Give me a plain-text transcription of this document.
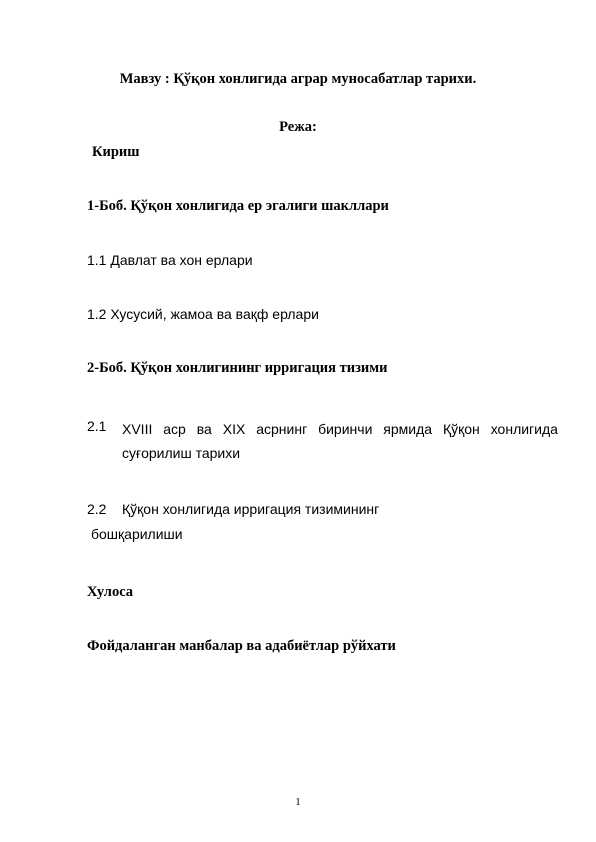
Мавзу : Қўқон хонлигида аграр муносабатлар тарихи.
Режа:
Кириш
1-Боб. Қўқон хонлигида ер эгалиги шакллари
1.1 Давлат ва хон ерлари
1.2 Хусусий, жамоа ва вақф ерлари
2-Боб. Қўқон хонлигининг ирригация тизими
2.1 XVIII аср ва XIX асрнинг биринчи ярмида Қўқон хонлигида
суғорилиш тарихи
2.2 Қўқон хонлигида ирригация тизимининг
бошқарилиши
Хулоса
Фойдаланган манбалар ва адабиётлар рўйхати
1
